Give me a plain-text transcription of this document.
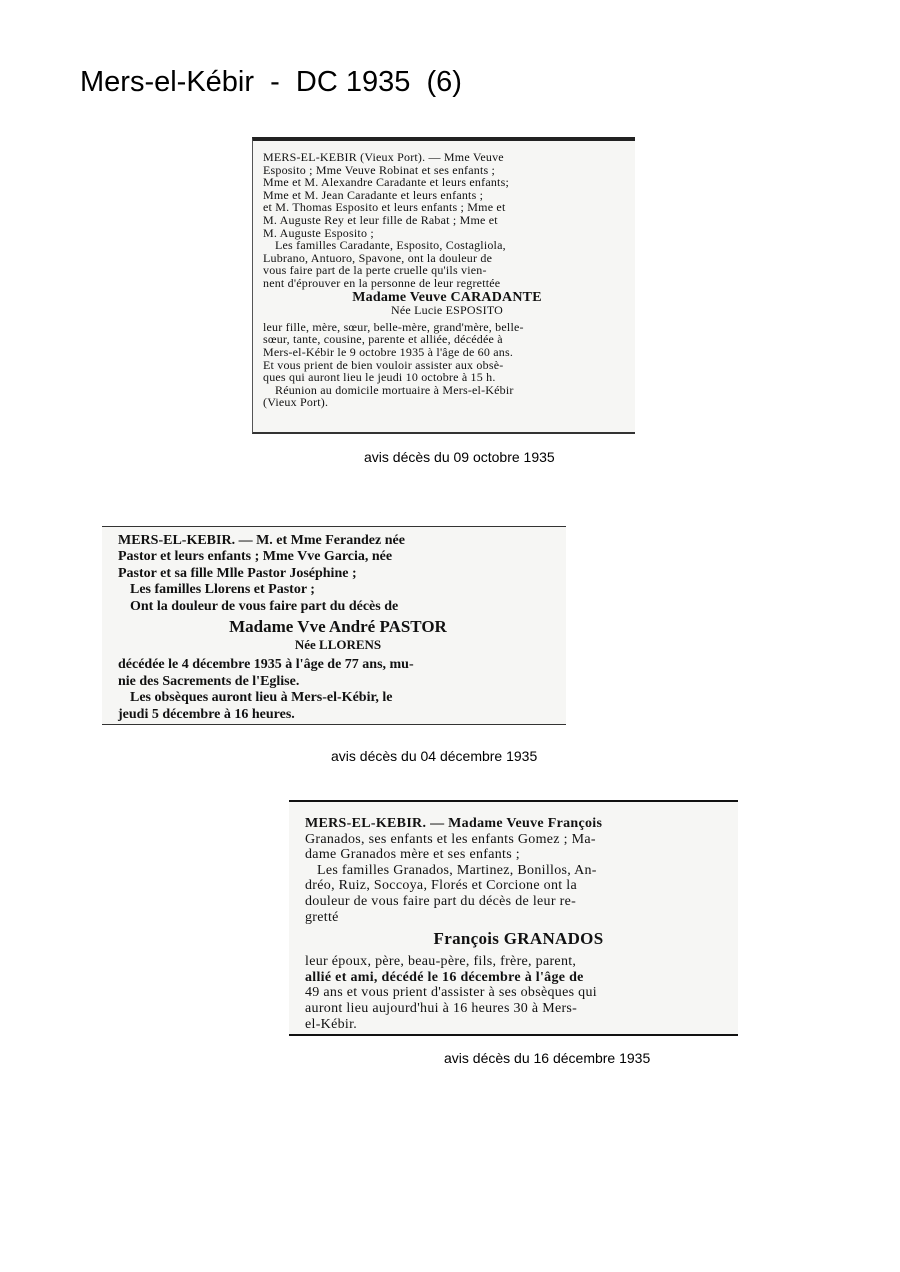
Mers-el-Kébir  -  DC 1935  (6)

MERS-EL-KEBIR (Vieux Port). — Mme Veuve

Esposito ; Mme Veuve Robinat et ses enfants ;

Mme et M. Alexandre Caradante et leurs enfants;

Mme et M. Jean Caradante et leurs enfants ;

et M. Thomas Esposito et leurs enfants ; Mme et

M. Auguste Rey et leur fille de Rabat ; Mme et

M. Auguste Esposito ;

Les familles Caradante, Esposito, Costagliola,

Lubrano, Antuoro, Spavone, ont la douleur de

vous faire part de la perte cruelle qu'ils vien-

nent d'éprouver en la personne de leur regrettée

Madame Veuve CARADANTE

Née Lucie ESPOSITO

leur fille, mère, sœur, belle-mère, grand'mère, belle-

sœur, tante, cousine, parente et alliée, décédée à

Mers-el-Kébir le 9 octobre 1935 à l'âge de 60 ans.

Et vous prient de bien vouloir assister aux obsè-

ques qui auront lieu le jeudi 10 octobre à 15 h.

Réunion au domicile mortuaire à Mers-el-Kébir

(Vieux Port).

avis décès du 09 octobre 1935

MERS-EL-KEBIR. — M. et Mme Ferandez née

Pastor et leurs enfants ; Mme Vve Garcia, née

Pastor et sa fille Mlle Pastor Joséphine ;

Les familles Llorens et Pastor ;

Ont la douleur de vous faire part du décès de

Madame Vve André PASTOR

Née LLORENS

décédée le 4 décembre 1935 à l'âge de 77 ans, mu-

nie des Sacrements de l'Eglise.

Les obsèques auront lieu à Mers-el-Kébir, le

jeudi 5 décembre à 16 heures.

avis décès du 04 décembre 1935

MERS-EL-KEBIR. — Madame Veuve François

Granados, ses enfants et les enfants Gomez ; Ma-

dame Granados mère et ses enfants ;

Les familles Granados, Martinez, Bonillos, An-

dréo, Ruiz, Soccoya, Florés et Corcione ont la

douleur de vous faire part du décès de leur re-

gretté

François GRANADOS

leur époux, père, beau-père, fils, frère, parent,

allié et ami, décédé le 16 décembre à l'âge de

49 ans et vous prient d'assister à ses obsèques qui

auront lieu aujourd'hui à 16 heures 30 à Mers-

el-Kébir.

avis décès du 16 décembre 1935
